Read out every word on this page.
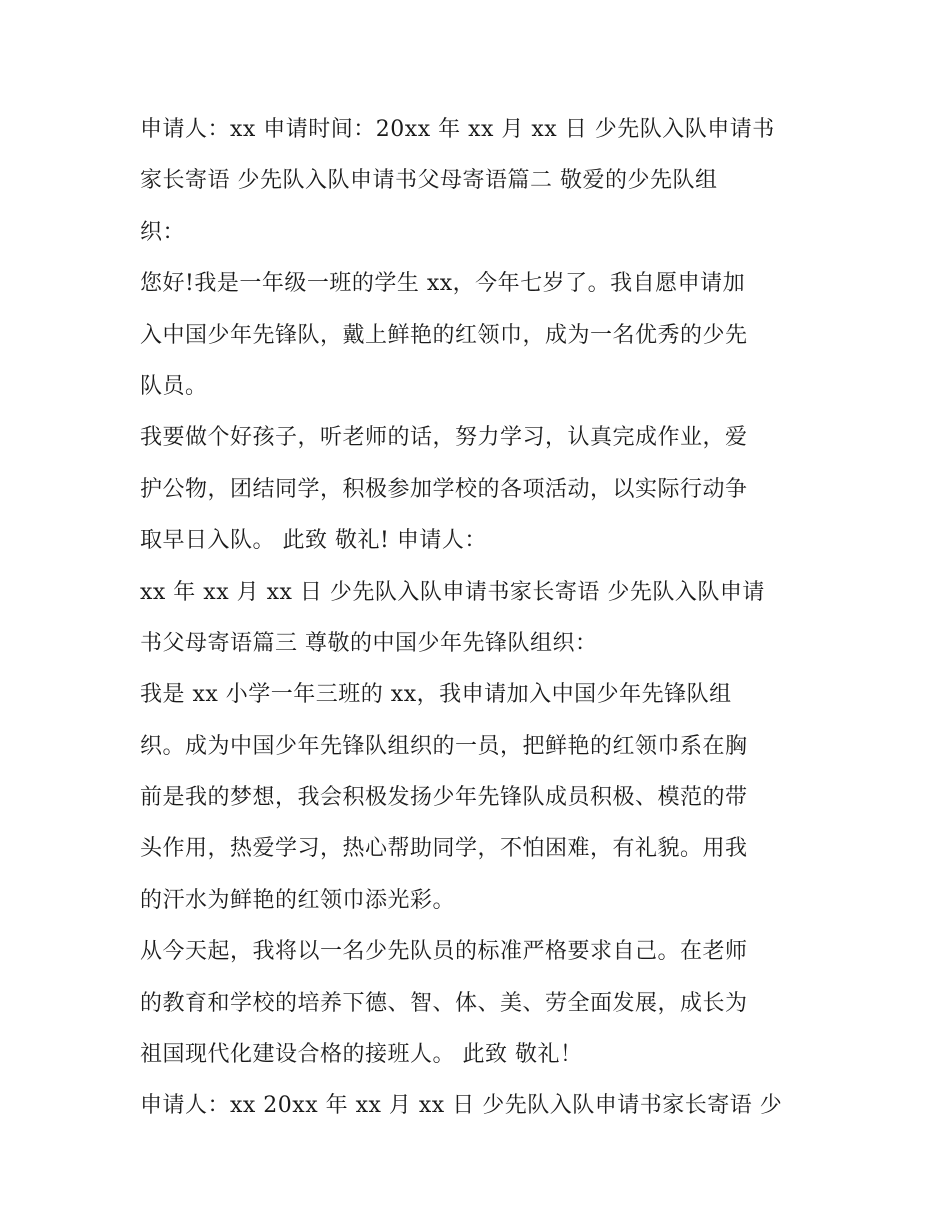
申请人：xx 申请时间：20xx 年 xx 月 xx 日 少先队入队申请书
家长寄语 少先队入队申请书父母寄语篇二 敬爱的少先队组
织：
您好!我是一年级一班的学生 xx，今年七岁了。我自愿申请加
入中国少年先锋队，戴上鲜艳的红领巾，成为一名优秀的少先
队员。
我要做个好孩子，听老师的话，努力学习，认真完成作业，爱
护公物，团结同学，积极参加学校的各项活动，以实际行动争
取早日入队。 此致 敬礼! 申请人：
xx 年 xx 月 xx 日 少先队入队申请书家长寄语 少先队入队申请
书父母寄语篇三 尊敬的中国少年先锋队组织：
我是 xx 小学一年三班的 xx，我申请加入中国少年先锋队组
织。成为中国少年先锋队组织的一员，把鲜艳的红领巾系在胸
前是我的梦想，我会积极发扬少年先锋队成员积极、模范的带
头作用，热爱学习，热心帮助同学，不怕困难，有礼貌。用我
的汗水为鲜艳的红领巾添光彩。
从今天起，我将以一名少先队员的标准严格要求自己。在老师
的教育和学校的培养下德、智、体、美、劳全面发展，成长为
祖国现代化建设合格的接班人。 此致 敬礼！
申请人：xx 20xx 年 xx 月 xx 日 少先队入队申请书家长寄语 少
